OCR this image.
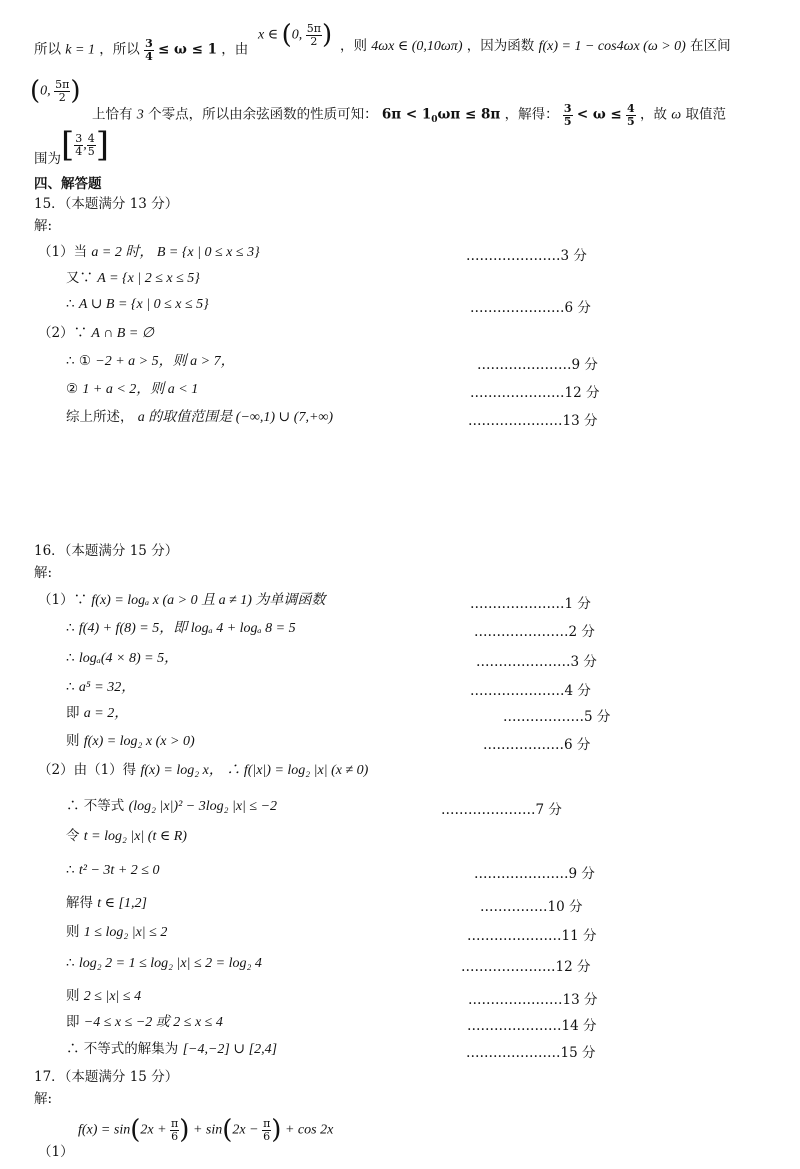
所以 k = 1 ，所以 $\frac{3}{4} \le \omega \le 1$ ，由
x ∈ (0, $\frac{5\pi}{2}$ ) ，则 4ωx ∈ (0,10ωπ) ，因为函数 f(x) = 1 − cos4ωx (ω > 0) 在区间
(0, $\frac{5\pi}{2}$ )
上恰有 3 个零点，所以由余弦函数的性质可知： $6\pi < 1_0\omega\pi \le 8\pi$ ，解得： $\frac{3}{5} < \omega \le \frac{4}{5}$ ，故 ω 取值范
围为[ $\frac{3}{4}$ , $\frac{4}{5}$ ]
四、解答题
15．（本题满分 13 分）
解:
（1）当 a = 2 时， B = {x | 0 ≤ x ≤ 3}	…………………3 分
又∵ A = {x | 2 ≤ x ≤ 5}
∴ A ∪ B = {x | 0 ≤ x ≤ 5}	…………………6 分
（2）∵ A ∩ B = ∅
∴ ① −2 + a > 5，则 a > 7，	…………………9 分
② 1 + a < 2，则 a < 1	…………………12 分
综上所述， a 的取值范围是 (−∞,1) ∪ (7,+∞)	…………………13 分
16．（本题满分 15 分）
解:
（1）∵ f(x) = logₐ x (a > 0 且 a ≠ 1) 为单调函数	…………………1 分
∴ f(4) + f(8) = 5，即 logₐ 4 + logₐ 8 = 5	…………………2 分
∴ logₐ(4 × 8) = 5，	…………………3 分
∴ a⁵ = 32，	…………………4 分
即 a = 2，	………………5 分
则 f(x) = log₂ x (x > 0)	………………6 分
（2）由（1）得 f(x) = log₂ x， ∴ f(|x|) = log₂ |x| (x ≠ 0)
∴ 不等式 (log₂ |x|)² − 3log₂ |x| ≤ −2	…………………7 分
令 t = log₂ |x| (t ∈ R)
∴ t² − 3t + 2 ≤ 0	…………………9 分
解得 t ∈ [1,2]	……………10 分
则 1 ≤ log₂ |x| ≤ 2	…………………11 分
∴ log₂ 2 = 1 ≤ log₂ |x| ≤ 2 = log₂ 4	…………………12 分
则 2 ≤ |x| ≤ 4	…………………13 分
即 −4 ≤ x ≤ −2 或 2 ≤ x ≤ 4	…………………14 分
∴ 不等式的解集为 [−4,−2] ∪ [2,4]	…………………15 分
17．（本题满分 15 分）
解:
（1）
$f(x) = \sin(2x + \frac{\pi}{6}$ ) + $\sin(2x - \frac{\pi}{6}$ ) + cos 2x
